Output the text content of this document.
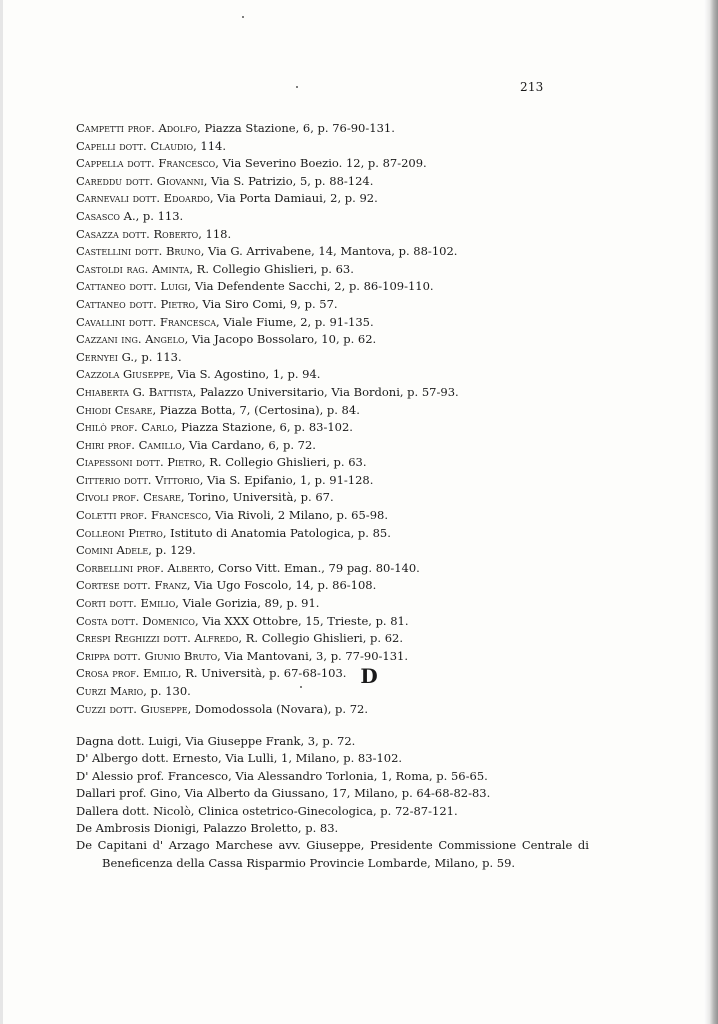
213
Campetti prof. Adolfo, Piazza Stazione, 6, p. 76-90-131.
Capelli dott. Claudio, 114.
Cappella dott. Francesco, Via Severino Boezio. 12, p. 87-209.
Careddu dott. Giovanni, Via S. Patrizio, 5, p. 88-124.
Carnevali dott. Edoardo, Via Porta Damiaui, 2, p. 92.
Casasco A., p. 113.
Casazza dott. Roberto, 118.
Castellini dott. Bruno, Via G. Arrivabene, 14, Mantova, p. 88-102.
Castoldi rag. Aminta, R. Collegio Ghislieri, p. 63.
Cattaneo dott. Luigi, Via Defendente Sacchi, 2, p. 86-109-110.
Cattaneo dott. Pietro, Via Siro Comi, 9, p. 57.
Cavallini dott. Francesca, Viale Fiume, 2, p. 91-135.
Cazzani ing. Angelo, Via Jacopo Bossolaro, 10, p. 62.
Cernyei G., p. 113.
Cazzola Giuseppe, Via S. Agostino, 1, p. 94.
Chiaberta G. Battista, Palazzo Universitario, Via Bordoni, p. 57-93.
Chiodi Cesare, Piazza Botta, 7, (Certosina), p. 84.
Chilò prof. Carlo, Piazza Stazione, 6, p. 83-102.
Chiri prof. Camillo, Via Cardano, 6, p. 72.
Ciapessoni dott. Pietro, R. Collegio Ghislieri, p. 63.
Citterio dott. Vittorio, Via S. Epifanio, 1, p. 91-128.
Civoli prof. Cesare, Torino, Università, p. 67.
Coletti prof. Francesco, Via Rivoli, 2 Milano, p. 65-98.
Colleoni Pietro, Istituto di Anatomia Patologica, p. 85.
Comini Adele, p. 129.
Corbellini prof. Alberto, Corso Vitt. Eman., 79 pag. 80-140.
Cortese dott. Franz, Via Ugo Foscolo, 14, p. 86-108.
Corti dott. Emilio, Viale Gorizia, 89, p. 91.
Costa dott. Domenico, Via XXX Ottobre, 15, Trieste, p. 81.
Crespi Reghizzi dott. Alfredo, R. Collegio Ghislieri, p. 62.
Crippa dott. Giunio Bruto, Via Mantovani, 3, p. 77-90-131.
Crosa prof. Emilio, R. Università, p. 67-68-103.
Curzi Mario, p. 130.
Cuzzi dott. Giuseppe, Domodossola (Novara), p. 72.
D
Dagna dott. Luigi, Via Giuseppe Frank, 3, p. 72.
D' Albergo dott. Ernesto, Via Lulli, 1, Milano, p. 83-102.
D' Alessio prof. Francesco, Via Alessandro Torlonia, 1, Roma, p. 56-65.
Dallari prof. Gino, Via Alberto da Giussano, 17, Milano, p. 64-68-82-83.
Dallera dott. Nicolò, Clinica ostetrico-Ginecologica, p. 72-87-121.
De Ambrosis Dionigi, Palazzo Broletto, p. 83.
De Capitani d' Arzago Marchese avv. Giuseppe, Presidente Commissione Centrale di Beneficenza della Cassa Risparmio Provincie Lombarde, Milano, p. 59.
